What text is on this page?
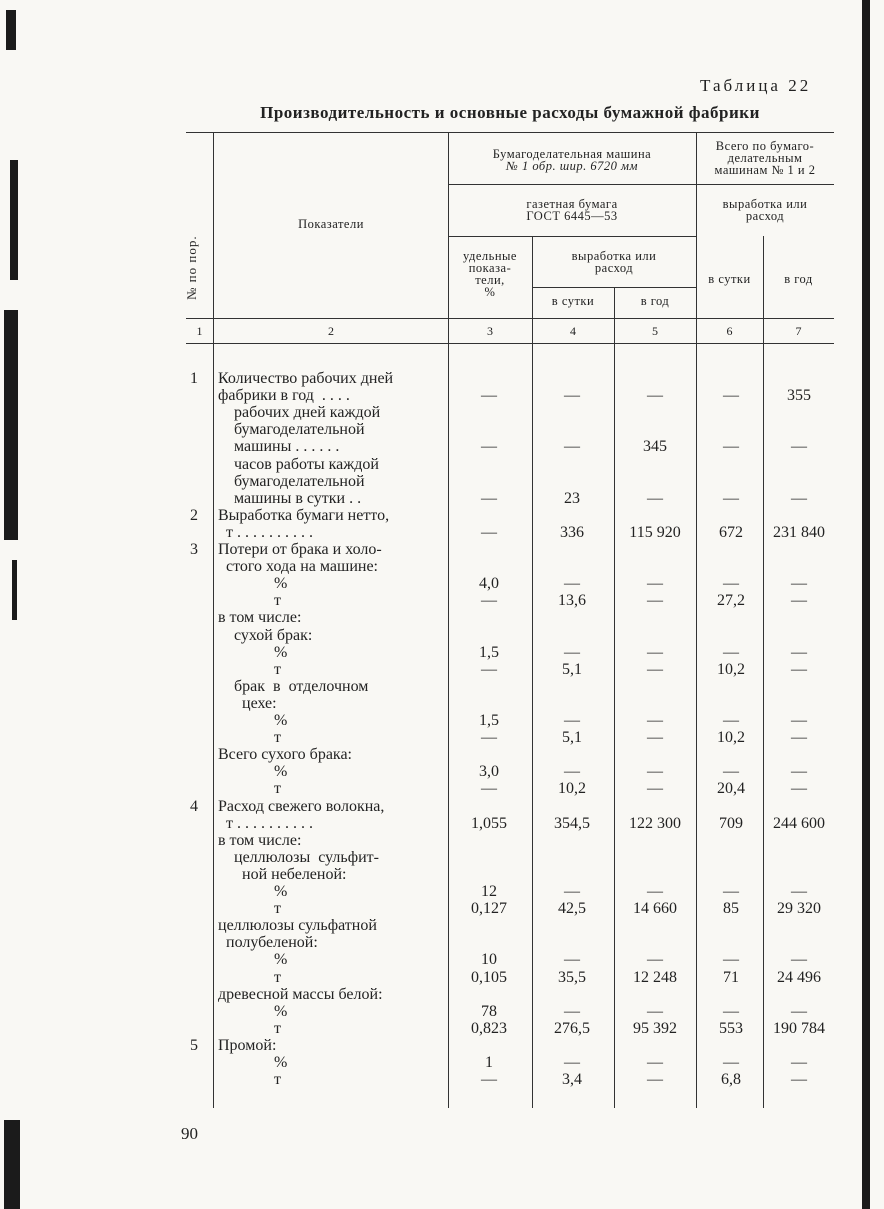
Таблица 22
Производительность и основные расходы бумажной фабрики
№ по пор.
Показатели
Бумагоделательная машина
№ 1 обр. шир. 6720 мм
Всего по бумаго-
делательным
машинам № 1 и 2
газетная бумага
ГОСТ 6445—53
выработка или
расход
удельные
показа-
тели,
%
выработка или
расход
в сутки	в год
в сутки	в год
1	2	3	4	5	6	7
1 Количество рабочих дней
фабрики в год  . . . .	—	—	—	—	355
рабочих дней каждой
бумагоделательной
машины . . . . . .	—	—	345	—	—
часов работы каждой
бумагоделательной
машины в сутки . .	—	23	—	—	—
2 Выработка бумаги нетто,
т . . . . . . . . . .	—	336	115 920	672	231 840
3 Потери от брака и холо-
стого хода на машине:
%	4,0	—	—	—	—
т	—	13,6	—	27,2	—
в том числе:
сухой брак:
%	1,5	—	—	—	—
т	—	5,1	—	10,2	—
брак  в  отделочном
цехе:
%	1,5	—	—	—	—
т	—	5,1	—	10,2	—
Всего сухого брака:
%	3,0	—	—	—	—
т	—	10,2	—	20,4	—
4 Расход свежего волокна,
т . . . . . . . . . .	1,055	354,5	122 300	709	244 600
в том числе:
целлюлозы  сульфит-
ной небеленой:
%	12	—	—	—	—
т	0,127	42,5	14 660	85	29 320
целлюлозы сульфатной
полубеленой:
%	10	—	—	—	—
т	0,105	35,5	12 248	71	24 496
древесной массы белой:
%	78	—	—	—	—
т	0,823	276,5	95 392	553	190 784
5 Промой:
%	1	—	—	—	—
т	—	3,4	—	6,8	—
90
